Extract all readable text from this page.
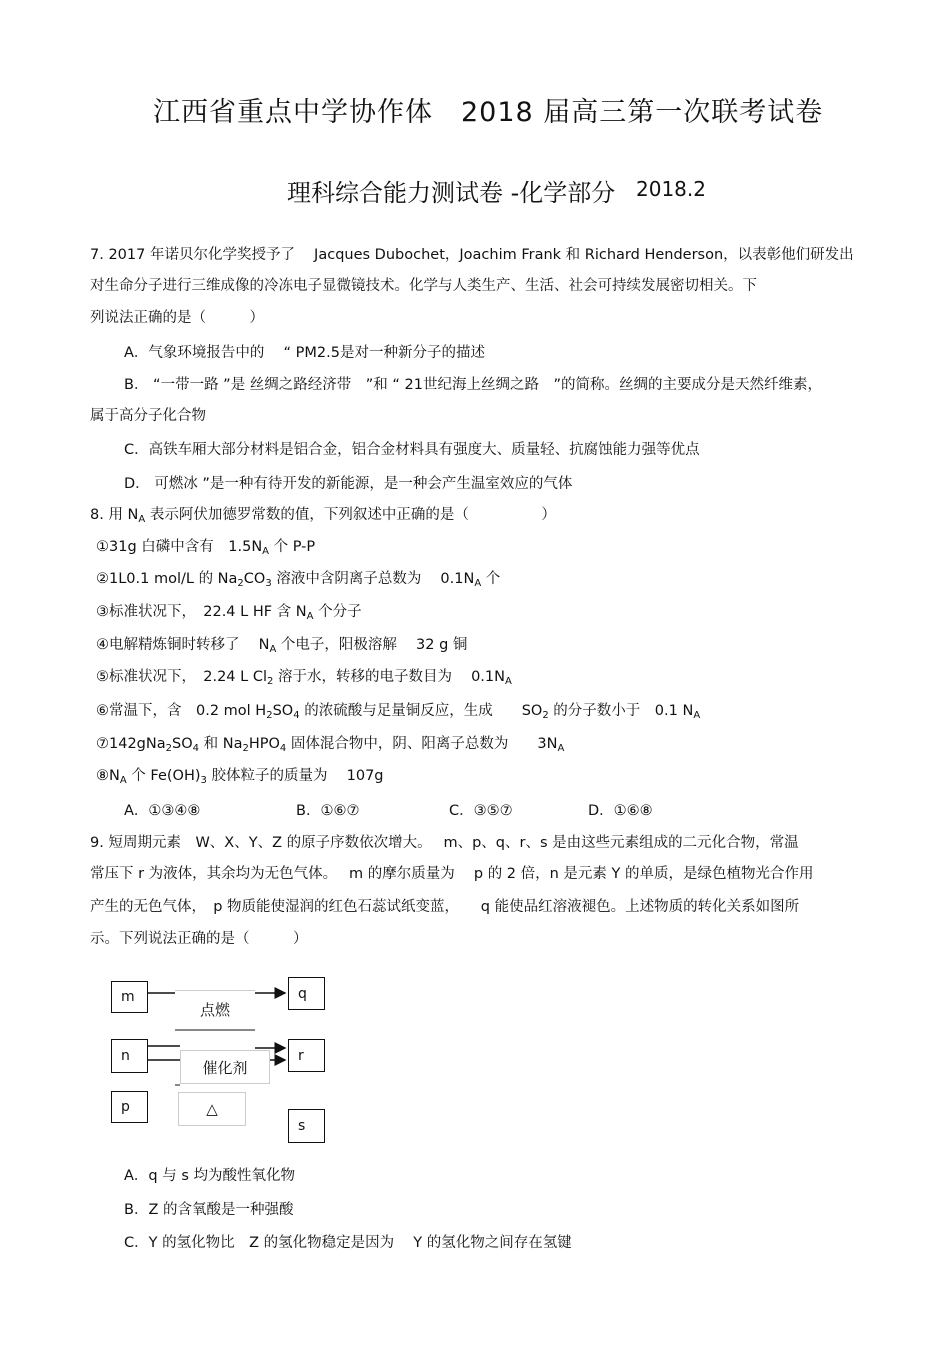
江西省重点中学协作体　2018 届高三第一次联考试卷
理科综合能力测试卷 -化学部分 2018.2
7. 2017 年诺贝尔化学奖授予了　 Jacques Dubochet，Joachim Frank 和 Richard Henderson，以表彰他们研发出
对生命分子进行三维成像的冷冻电子显微镜技术。化学与人类生产、生活、社会可持续发展密切相关。下
列说法正确的是（　　　）
A．气象环境报告中的　 “ PM2.5是对一种新分子的描述
B． “一带一路 ”是 丝绸之路经济带　”和 “ 21世纪海上丝绸之路　”的简称。丝绸的主要成分是天然纤维素，
属于高分子化合物
C．高铁车厢大部分材料是铝合金，铝合金材料具有强度大、质量轻、抗腐蚀能力强等优点
D． 可燃冰 ”是一种有待开发的新能源，是一种会产生温室效应的气体
8. 用 $N_A$ 表示阿伏加德罗常数的值，下列叙述中正确的是（　　　　　）
①31g 白磷中含有　$1.5N_A$ 个 P-P
②1L0.1 mol/L 的 $Na_2CO_3$ 溶液中含阴离子总数为　 $0.1N_A$ 个
③标准状况下，　22.4 L HF 含 $N_A$ 个分子
④电解精炼铜时转移了　 $N_A$ 个电子，阳极溶解　 32 g 铜
⑤标准状况下，　2.24 L $Cl_2$ 溶于水，转移的电子数目为　 $0.1N_A$
⑥常温下，含　0.2 mol $H_2SO_4$ 的浓硫酸与足量铜反应，生成　　$SO_2$ 的分子数小于　0.1 $N_A$
$⑦142gNa_2SO_4$ 和 $Na_2HPO_4$ 固体混合物中，阴、阳离子总数为　　$3N_A$
$⑧N_A$ 个 $Fe(OH)_3$ 胶体粒子的质量为　 107g
A．①③④⑧	B．①⑥⑦	C．③⑤⑦	D．①⑥⑧
9. 短周期元素　W、X、Y、Z 的原子序数依次增大。　 m、p、q、r、s 是由这些元素组成的二元化合物，常温
常压下 r 为液体，其余均为无色气体。　 m 的摩尔质量为　 p 的 2 倍，n 是元素 Y 的单质，是绿色植物光合作用
产生的无色气体，　p 物质能使湿润的红色石蕊试纸变蓝，　　q 能使品红溶液褪色。上述物质的转化关系如图所
示。下列说法正确的是（　　　）
m
n
p
q
r
s
点燃
催化剂
△
A．q 与 s 均为酸性氧化物
B．Z 的含氧酸是一种强酸
C．Y 的氢化物比　Z 的氢化物稳定是因为　 Y 的氢化物之间存在氢键
